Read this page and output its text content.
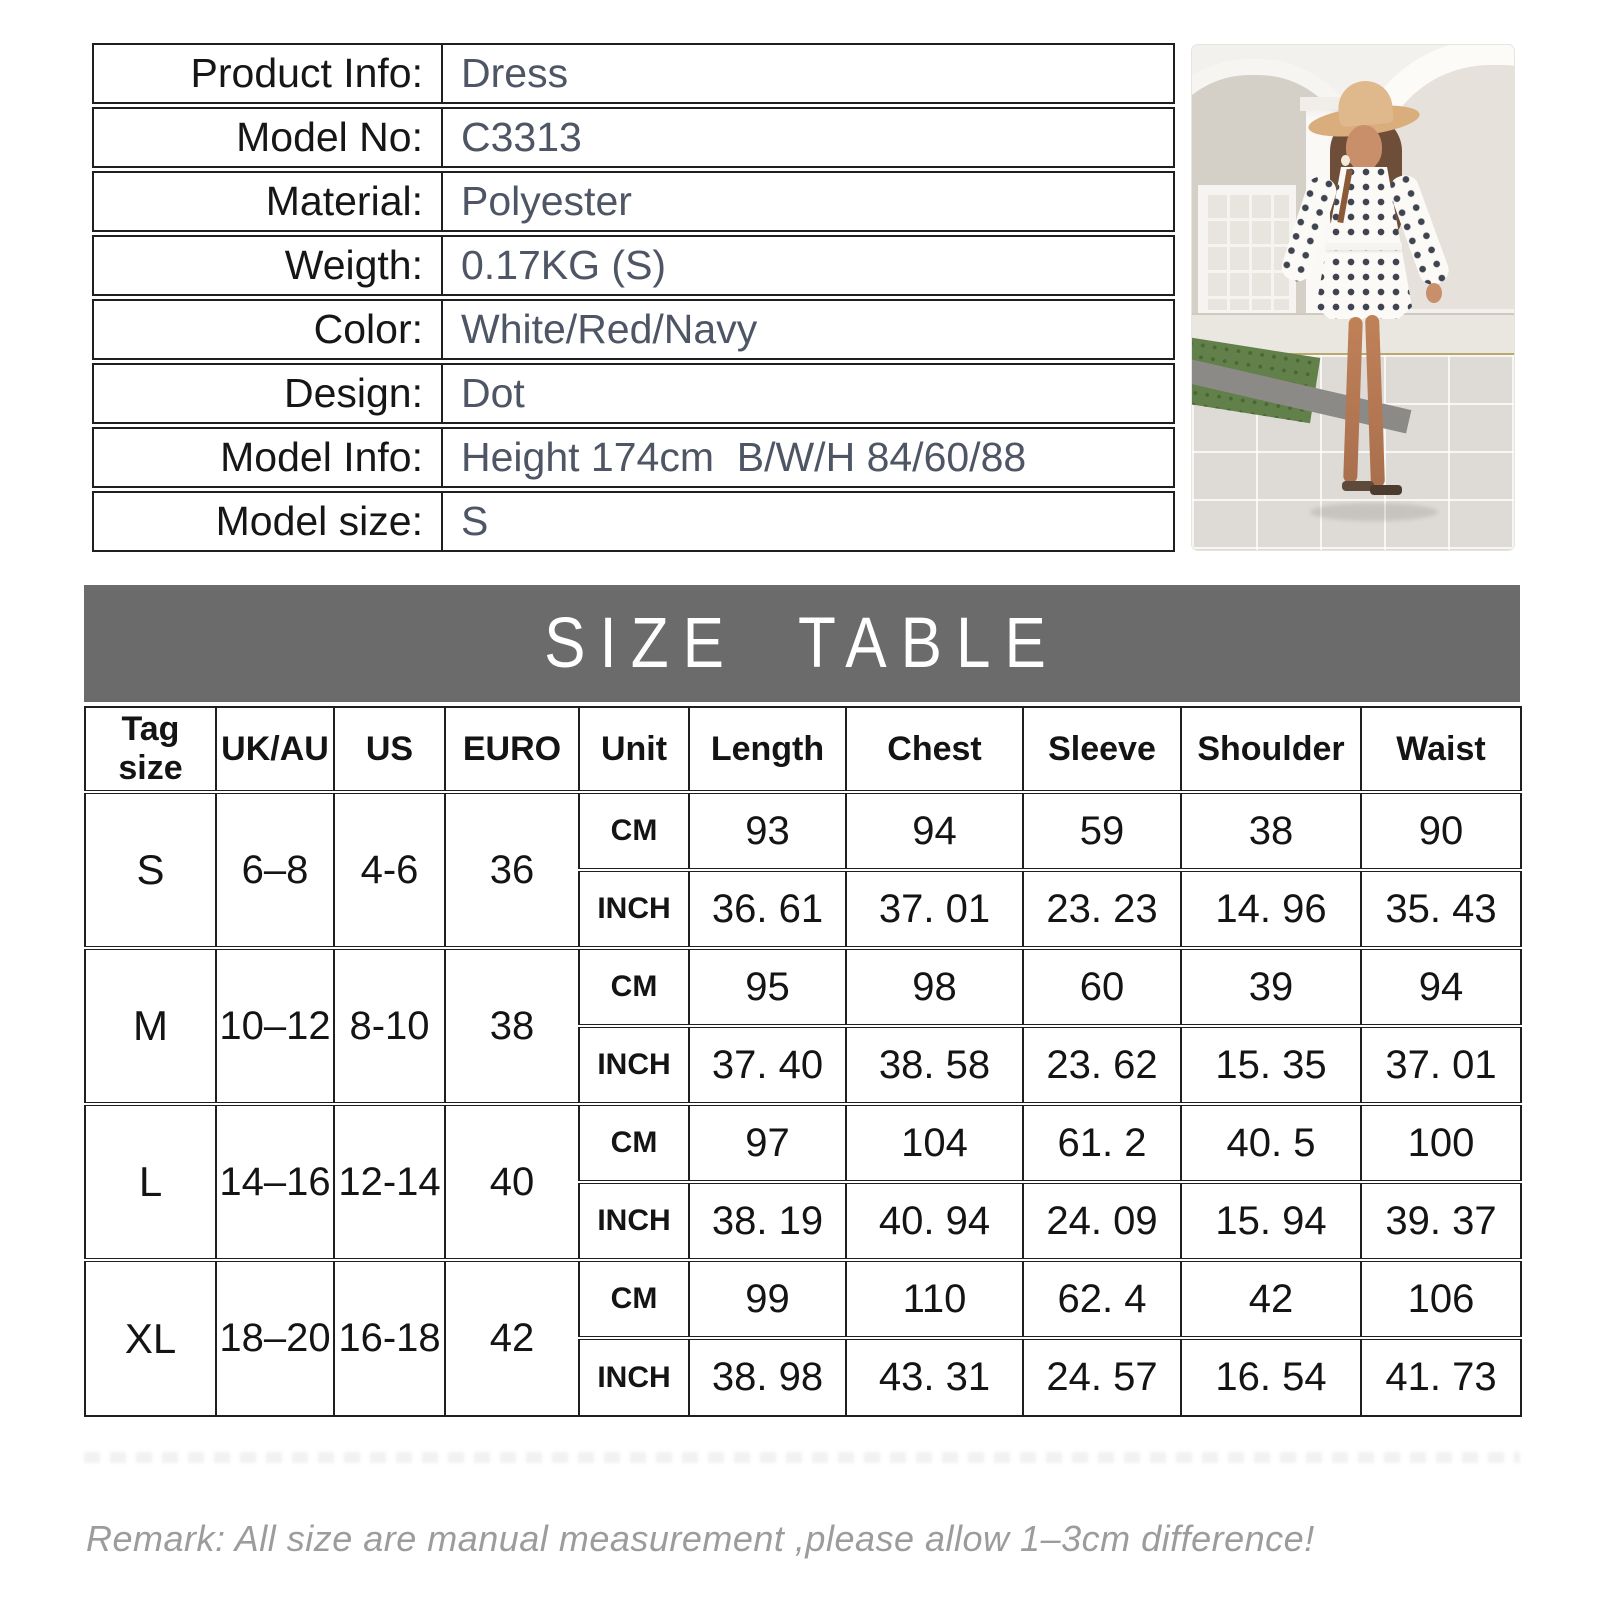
Product Info:	Dress
Model No:	C3313
Material:	Polyester
Weigth:	0.17KG (S)
Color:	White/Red/Navy
Design:	Dot
Model Info:	Height 174cm  B/W/H 84/60/88
Model size:	S
SIZE TABLE
Tag size	UK/AU	US	EURO	Unit	Length	Chest	Sleeve	Shoulder	Waist
S	6–8	4-6	36	CM	93	94	59	38	90
				INCH	36. 61	37. 01	23. 23	14. 96	35. 43
M	10–12	8-10	38	CM	95	98	60	39	94
				INCH	37. 40	38. 58	23. 62	15. 35	37. 01
L	14–16	12-14	40	CM	97	104	61. 2	40. 5	100
				INCH	38. 19	40. 94	24. 09	15. 94	39. 37
XL	18–20	16-18	42	CM	99	110	62. 4	42	106
				INCH	38. 98	43. 31	24. 57	16. 54	41. 73
Remark: All size are manual measurement ,please allow 1–3cm difference!
